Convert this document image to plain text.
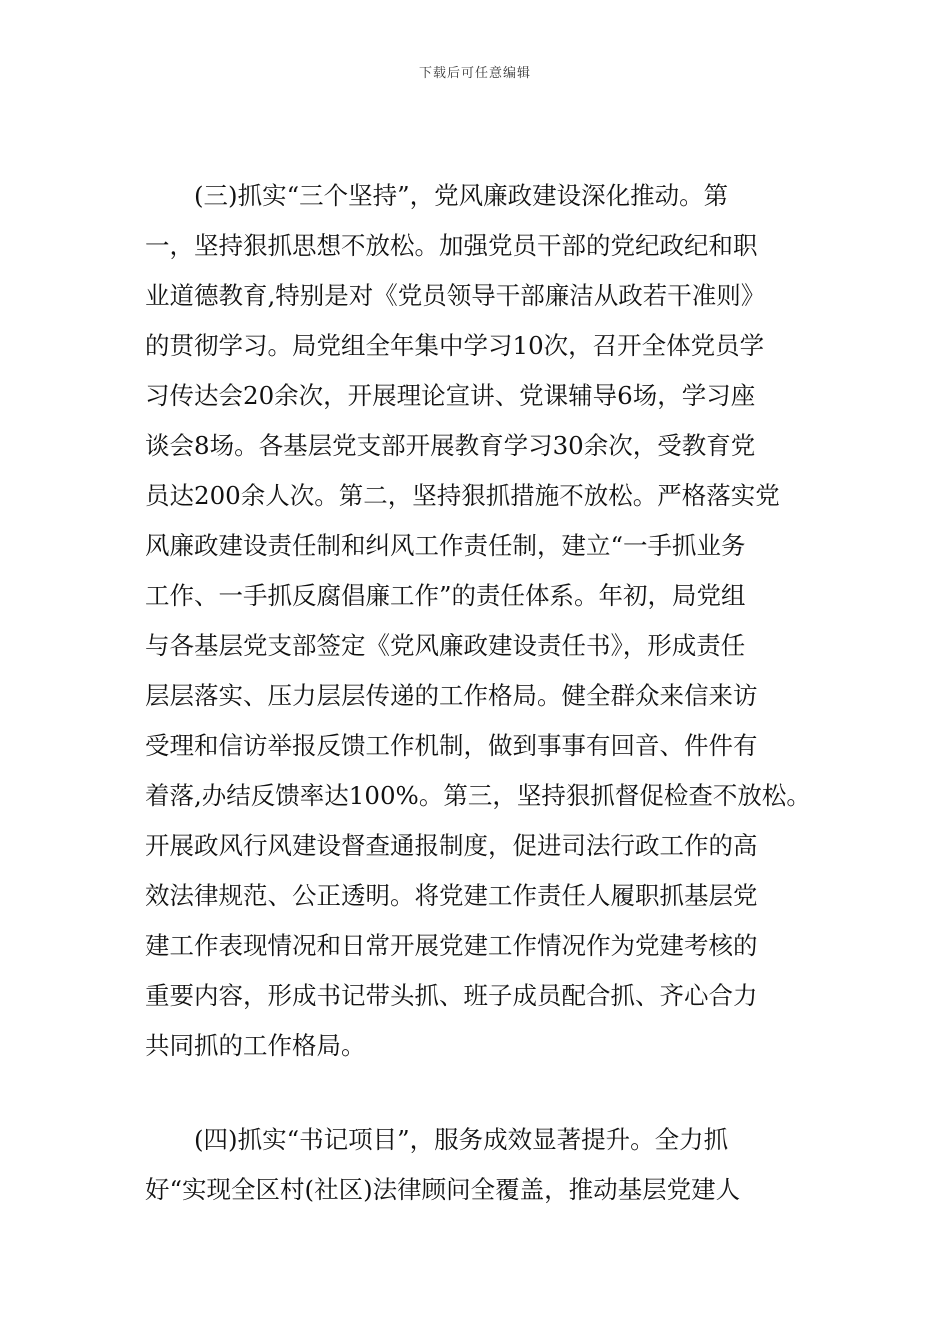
下载后可任意编辑
　　(三)抓实“三个坚持”，党风廉政建设深化推动。第
一，坚持狠抓思想不放松。加强党员干部的党纪政纪和职
业道德教育,特别是对《党员领导干部廉洁从政若干准则》
的贯彻学习。局党组全年集中学习10次，召开全体党员学
习传达会20余次，开展理论宣讲、党课辅导6场，学习座
谈会8场。各基层党支部开展教育学习30余次，受教育党
员达200余人次。第二，坚持狠抓措施不放松。严格落实党
风廉政建设责任制和纠风工作责任制，建立“一手抓业务
工作、一手抓反腐倡廉工作”的责任体系。年初，局党组
与各基层党支部签定《党风廉政建设责任书》，形成责任
层层落实、压力层层传递的工作格局。健全群众来信来访
受理和信访举报反馈工作机制，做到事事有回音、件件有
着落,办结反馈率达100%。第三，坚持狠抓督促检查不放松。
开展政风行风建设督查通报制度，促进司法行政工作的高
效法律规范、公正透明。将党建工作责任人履职抓基层党
建工作表现情况和日常开展党建工作情况作为党建考核的
重要内容，形成书记带头抓、班子成员配合抓、齐心合力
共同抓的工作格局。
　　(四)抓实“书记项目”，服务成效显著提升。全力抓
好“实现全区村(社区)法律顾问全覆盖，推动基层党建人
